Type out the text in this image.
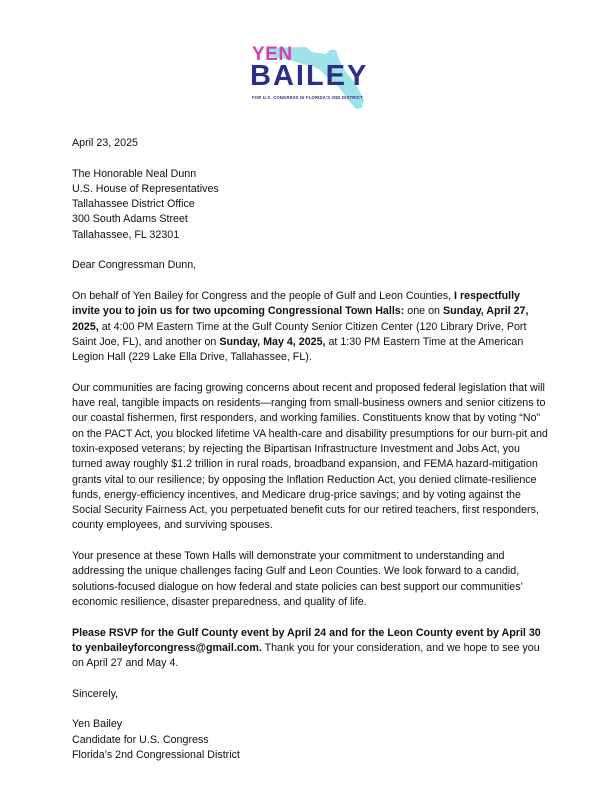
YEN
BAILEY
FOR U.S. CONGRESS IN FLORIDA'S 2ND DISTRICT

April 23, 2025

The Honorable Neal Dunn
U.S. House of Representatives
Tallahassee District Office
300 South Adams Street
Tallahassee, FL 32301

Dear Congressman Dunn,

On behalf of Yen Bailey for Congress and the people of Gulf and Leon Counties, I respectfully invite you to join us for two upcoming Congressional Town Halls: one on Sunday, April 27, 2025, at 4:00 PM Eastern Time at the Gulf County Senior Citizen Center (120 Library Drive, Port Saint Joe, FL), and another on Sunday, May 4, 2025, at 1:30 PM Eastern Time at the American Legion Hall (229 Lake Ella Drive, Tallahassee, FL).

Our communities are facing growing concerns about recent and proposed federal legislation that will have real, tangible impacts on residents—ranging from small-business owners and senior citizens to our coastal fishermen, first responders, and working families. Constituents know that by voting “No” on the PACT Act, you blocked lifetime VA health-care and disability presumptions for our burn-pit and toxin-exposed veterans; by rejecting the Bipartisan Infrastructure Investment and Jobs Act, you turned away roughly $1.2 trillion in rural roads, broadband expansion, and FEMA hazard-mitigation grants vital to our resilience; by opposing the Inflation Reduction Act, you denied climate-resilience funds, energy-efficiency incentives, and Medicare drug-price savings; and by voting against the Social Security Fairness Act, you perpetuated benefit cuts for our retired teachers, first responders, county employees, and surviving spouses.

Your presence at these Town Halls will demonstrate your commitment to understanding and addressing the unique challenges facing Gulf and Leon Counties. We look forward to a candid, solutions-focused dialogue on how federal and state policies can best support our communities’ economic resilience, disaster preparedness, and quality of life.

Please RSVP for the Gulf County event by April 24 and for the Leon County event by April 30 to yenbaileyforcongress@gmail.com. Thank you for your consideration, and we hope to see you on April 27 and May 4.

Sincerely,

Yen Bailey
Candidate for U.S. Congress
Florida’s 2nd Congressional District
